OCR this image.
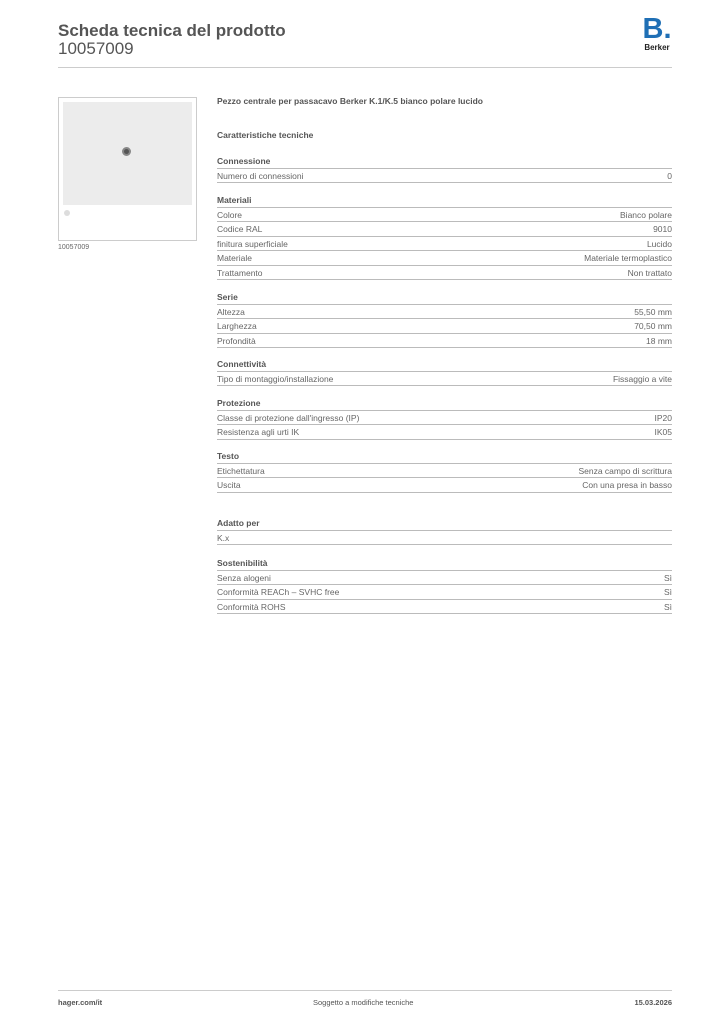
Scheda tecnica del prodotto
10057009
B.
Berker
10057009
Pezzo centrale per passacavo Berker K.1/K.5 bianco polare lucido
Caratteristiche tecniche
Connessione
Numero di connessioni	0
Materiali
Colore	Bianco polare
Codice RAL	9010
finitura superficiale	Lucido
Materiale	Materiale termoplastico
Trattamento	Non trattato
Serie
Altezza	55,50 mm
Larghezza	70,50 mm
Profondità	18 mm
Connettività
Tipo di montaggio/installazione	Fissaggio a vite
Protezione
Classe di protezione dall'ingresso (IP)	IP20
Resistenza agli urti IK	IK05
Testo
Etichettatura	Senza campo di scrittura
Uscita	Con una presa in basso
Adatto per
K.x
Sostenibilità
Senza alogeni	Sì
Conformità REACh – SVHC free	Sì
Conformità ROHS	Sì
hager.com/it	Soggetto a modifiche tecniche	15.03.2026
